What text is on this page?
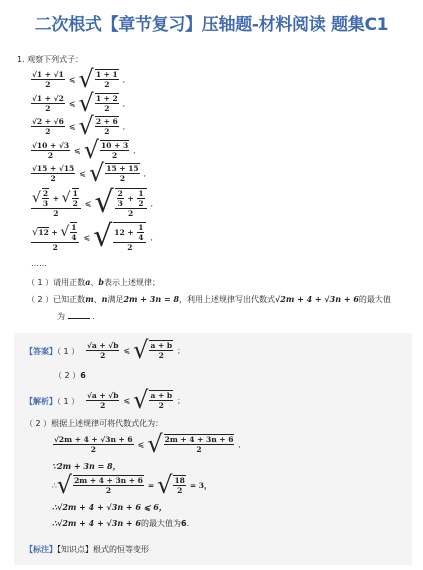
二次根式【章节复习】压轴题-材料阅读 题集C1
1. 观察下列式子：
$\frac{√1 + √1}{2}$ ⩽ √ $\frac{1 + 1}{2}$ ,
$\frac{√1 + √2}{2}$ ⩽ √ $\frac{1 + 2}{2}$ ,
$\frac{√2 + √6}{2}$ ⩽ √ $\frac{2 + 6}{2}$ ,
$\frac{√10 + √3}{2}$ ⩽ √ $\frac{10 + 3}{2}$ ,
$\frac{√15 + √15}{2}$ ⩽ √ $\frac{15 + 15}{2}$ ,
$\frac{√ \frac{2}{3} + √ \frac{1}{2}}{2}$ ⩽ √ $\frac{\frac{2}{3} + \frac{1}{2}}{2}$ ,
$\frac{√ 12 + √ \frac{1}{4}}{2}$ ⩽ √ $\frac{12 + \frac{1}{4}}{2}$ ,
……
（ 1 ）请用正数a、b表示上述规律；
（ 2 ）已知正数m、n满足2m + 3n = 8，利用上述规律写出代数式√2m + 4 + √3n + 6的最大值
为	.
【答案】（ 1 ） $\frac{√a + √b}{2}$ ⩽ √ $\frac{a + b}{2}$ ；
（ 2 ）6
【解析】（ 1 ） $\frac{√a + √b}{2}$ ⩽ √ $\frac{a + b}{2}$ ；
（ 2 ）根据上述规律可将代数式化为：
$\frac{√2m + 4 + √3n + 6}{2}$ ⩽ √ $\frac{2m + 4 + 3n + 6}{2}$ ,
∵2m + 3n = 8，
∴ √ $\frac{2m + 4 + 3n + 6}{2}$ = √ $\frac{18}{2} = 3$，
∴√2m + 4 + √3n + 6 ⩽ 6，
∴√2m + 4 + √3n + 6的最大值为6.
【标注】【知识点】根式的恒等变形
